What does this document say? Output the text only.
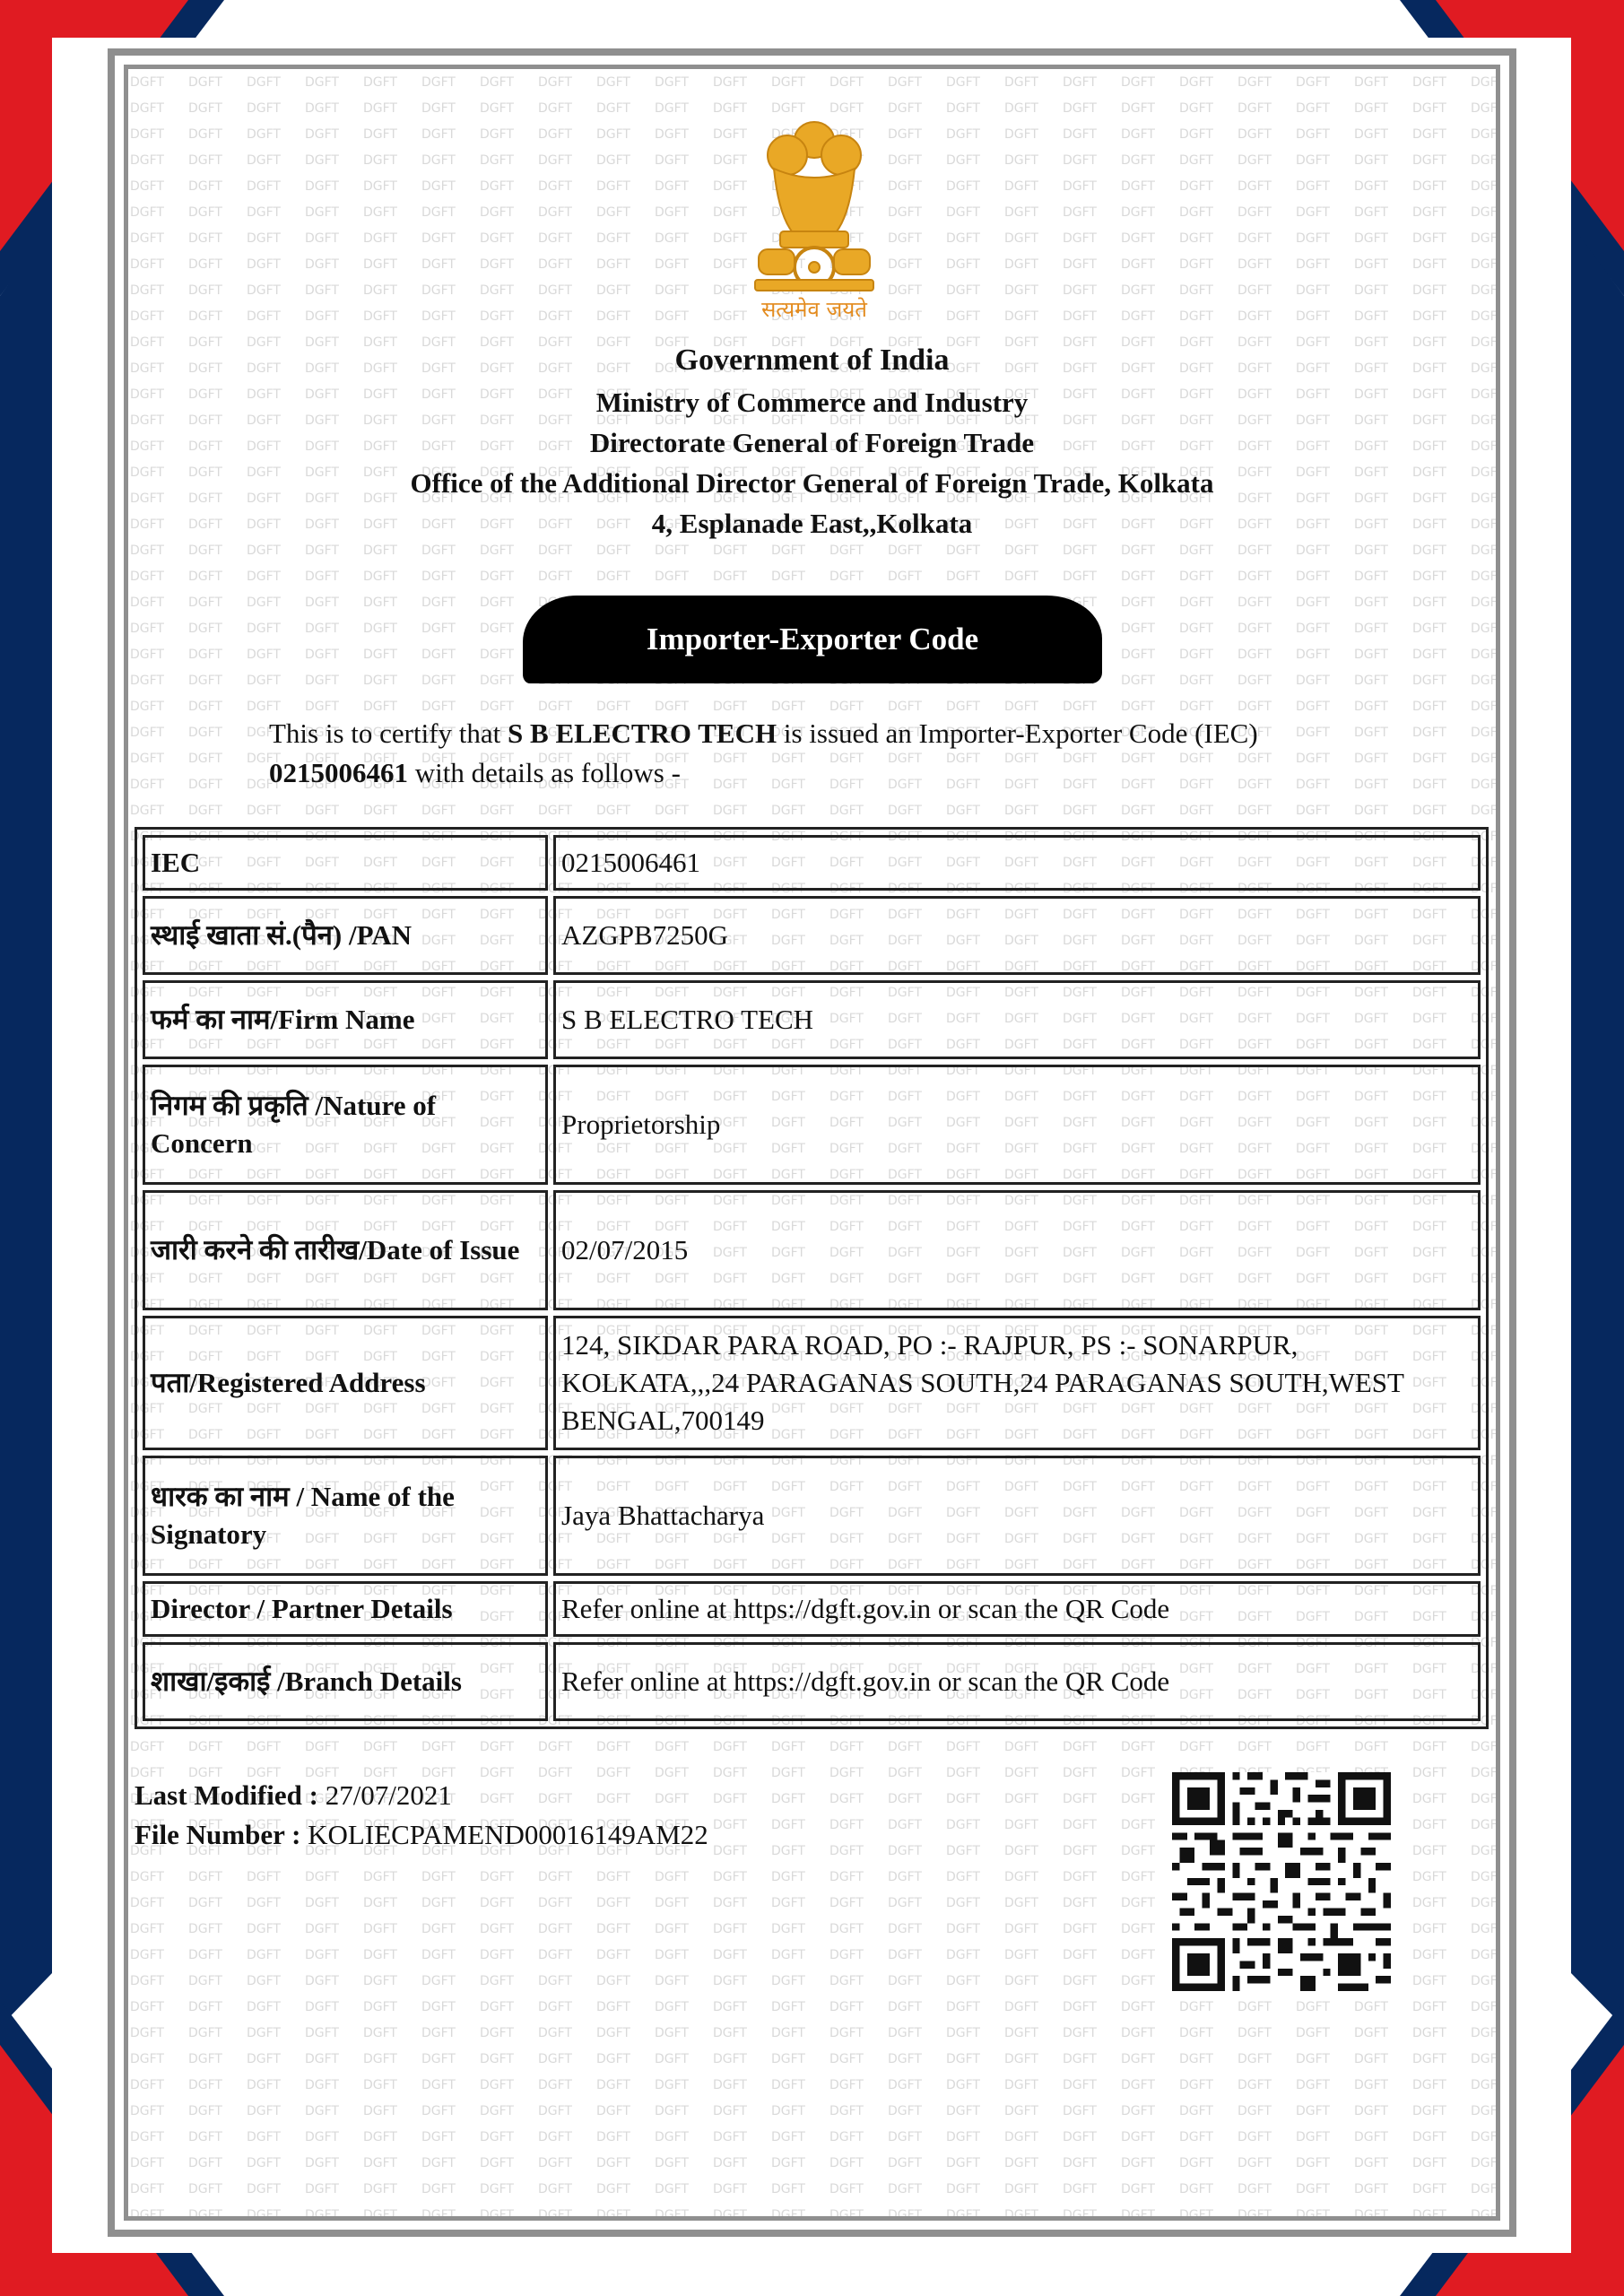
सत्यमेव जयते
Government of India
Ministry of Commerce and Industry
Directorate General of Foreign Trade
Office of the Additional Director General of Foreign Trade, Kolkata
4, Esplanade East,,Kolkata
Importer-Exporter Code
This is to certify that S B ELECTRO TECH is issued an Importer-Exporter Code (IEC) 0215006461 with details as follows -
IEC	0215006461
स्थाई खाता सं.(पैन) /PAN	AZGPB7250G
फर्म का नाम/Firm Name	S B ELECTRO TECH
निगम की प्रकृति /Nature of Concern	Proprietorship
जारी करने की तारीख/Date of Issue	02/07/2015
पता/Registered Address	124, SIKDAR PARA ROAD, PO :- RAJPUR, PS :- SONARPUR, KOLKATA,,,24 PARAGANAS SOUTH,24 PARAGANAS SOUTH,WEST BENGAL,700149
धारक का नाम / Name of the Signatory	Jaya Bhattacharya
Director / Partner Details	Refer online at https://dgft.gov.in or scan the QR Code
शाखा/इकाई /Branch Details	Refer online at https://dgft.gov.in or scan the QR Code
Last Modified : 27/07/2021
File Number : KOLIECPAMEND00016149AM22
